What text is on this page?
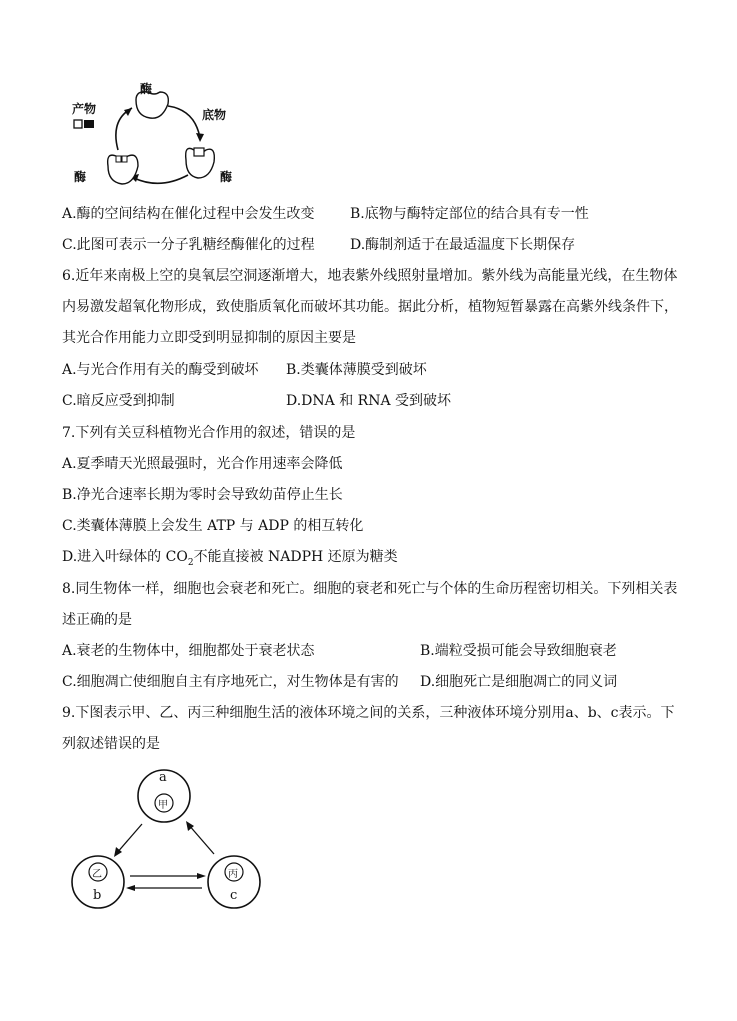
酶
产物	底物
酶	酶
A.酶的空间结构在催化过程中会发生改变	B.底物与酶特定部位的结合具有专一性
C.此图可表示一分子乳糖经酶催化的过程	D.酶制剂适于在最适温度下长期保存
6.近年来南极上空的臭氧层空洞逐渐增大，地表紫外线照射量增加。紫外线为高能量光线，在生物体
内易激发超氧化物形成，致使脂质氧化而破坏其功能。据此分析，植物短暂暴露在高紫外线条件下，
其光合作用能力立即受到明显抑制的原因主要是
A.与光合作用有关的酶受到破坏 B.类囊体薄膜受到破坏
C.暗反应受到抑制	D.DNA 和 RNA 受到破坏
7.下列有关豆科植物光合作用的叙述，错误的是
A.夏季晴天光照最强时，光合作用速率会降低
B.净光合速率长期为零时会导致幼苗停止生长
C.类囊体薄膜上会发生 ATP 与 ADP 的相互转化
D.进入叶绿体的 $CO_2$不能直接被 NADPH 还原为糖类
8.同生物体一样，细胞也会衰老和死亡。细胞的衰老和死亡与个体的生命历程密切相关。下列相关表
述正确的是
A.衰老的生物体中，细胞都处于衰老状态	B.端粒受损可能会导致细胞衰老
C.细胞凋亡使细胞自主有序地死亡，对生物体是有害的 D.细胞死亡是细胞凋亡的同义词
9.下图表示甲、乙、丙三种细胞生活的液体环境之间的关系，三种液体环境分别用a、b、c表示。下
列叙述错误的是
a
甲
乙
b
丙
c
